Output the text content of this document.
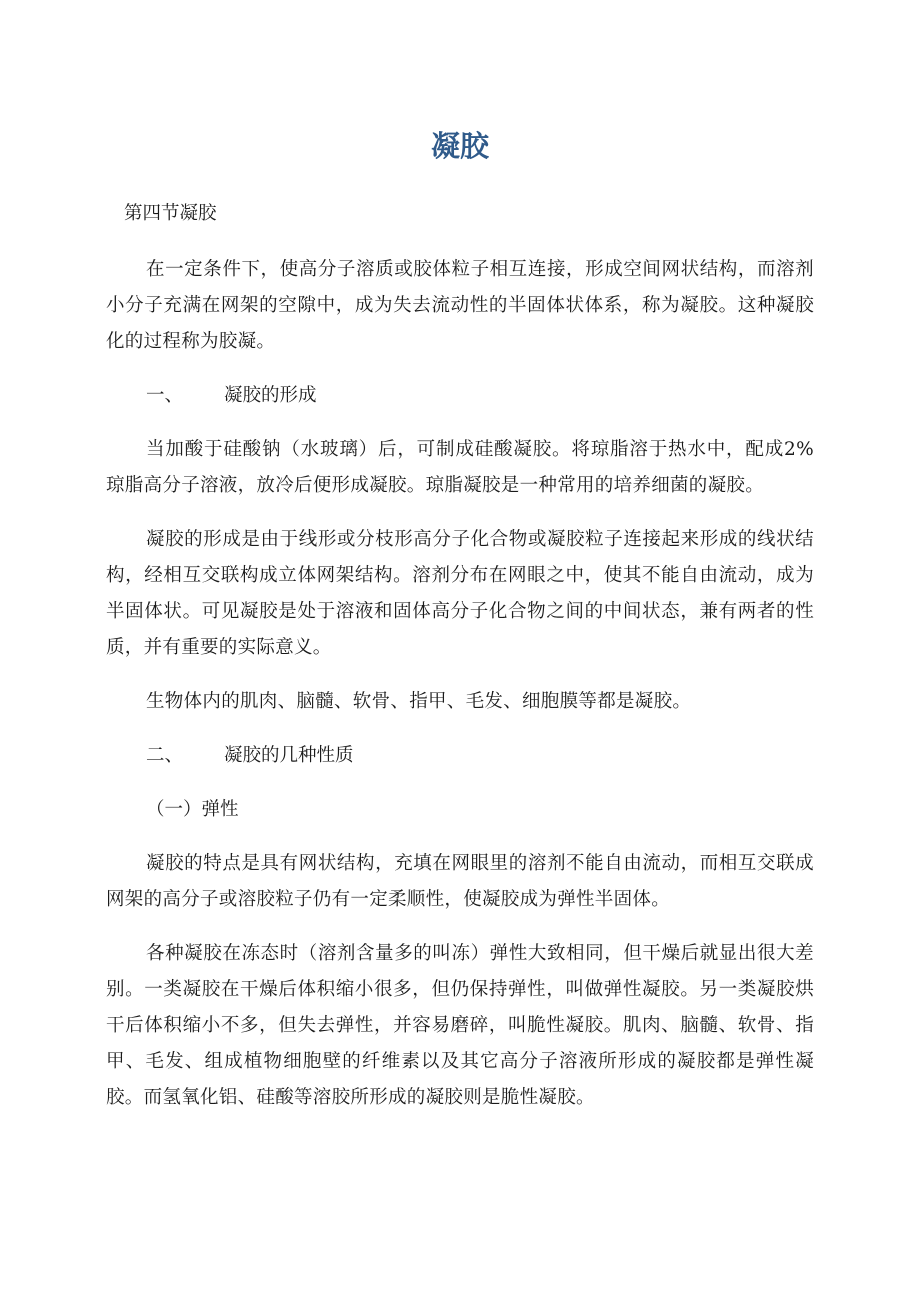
凝胶

第四节凝胶

在一定条件下，使高分子溶质或胶体粒子相互连接，形成空间网状结构，而溶剂小分子充满在网架的空隙中，成为失去流动性的半固体状体系，称为凝胶。这种凝胶化的过程称为胶凝。

一、 凝胶的形成

当加酸于硅酸钠（水玻璃）后，可制成硅酸凝胶。将琼脂溶于热水中，配成2%琼脂高分子溶液，放冷后便形成凝胶。琼脂凝胶是一种常用的培养细菌的凝胶。

凝胶的形成是由于线形或分枝形高分子化合物或凝胶粒子连接起来形成的线状结构，经相互交联构成立体网架结构。溶剂分布在网眼之中，使其不能自由流动，成为半固体状。可见凝胶是处于溶液和固体高分子化合物之间的中间状态，兼有两者的性质，并有重要的实际意义。

生物体内的肌肉、脑髓、软骨、指甲、毛发、细胞膜等都是凝胶。

二、 凝胶的几种性质

（一）弹性

凝胶的特点是具有网状结构，充填在网眼里的溶剂不能自由流动，而相互交联成网架的高分子或溶胶粒子仍有一定柔顺性，使凝胶成为弹性半固体。

各种凝胶在冻态时（溶剂含量多的叫冻）弹性大致相同，但干燥后就显出很大差别。一类凝胶在干燥后体积缩小很多，但仍保持弹性，叫做弹性凝胶。另一类凝胶烘干后体积缩小不多，但失去弹性，并容易磨碎，叫脆性凝胶。肌肉、脑髓、软骨、指甲、毛发、组成植物细胞壁的纤维素以及其它高分子溶液所形成的凝胶都是弹性凝胶。而氢氧化铝、硅酸等溶胶所形成的凝胶则是脆性凝胶。
